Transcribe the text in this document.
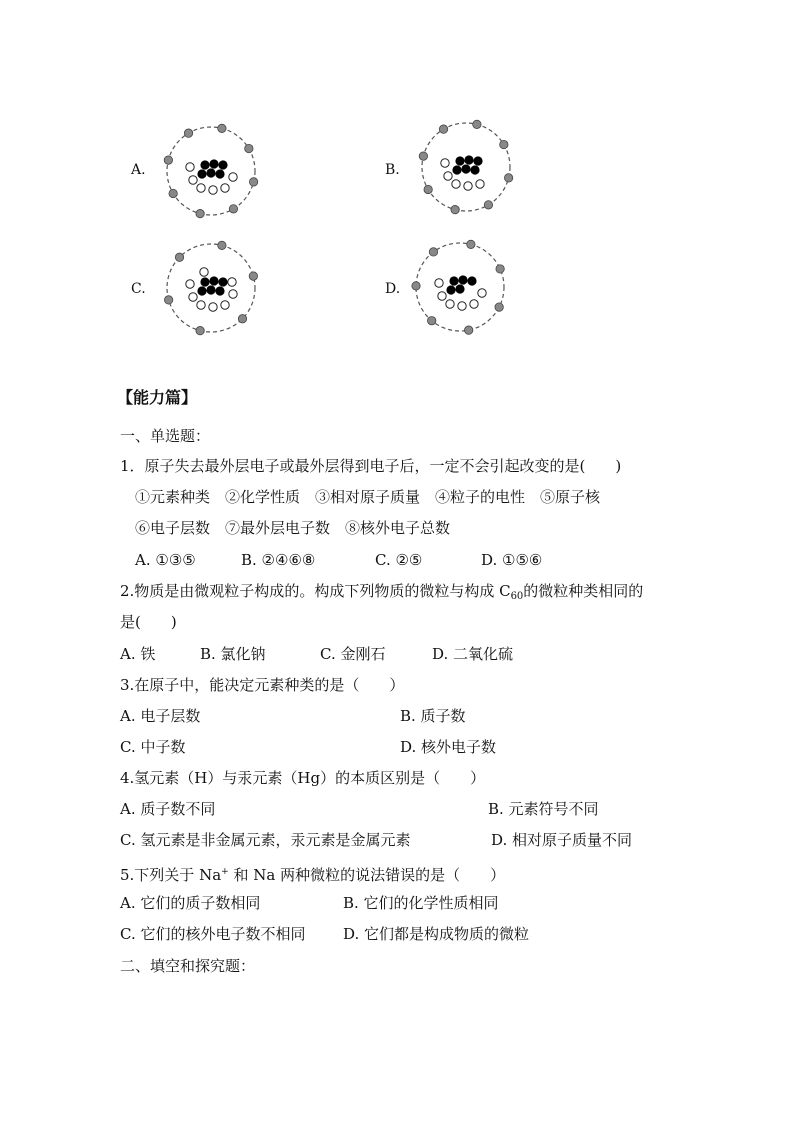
A.	B.
C.	D.
【能力篇】
一、单选题：
1．原子失去最外层电子或最外层得到电子后，一定不会引起改变的是(　　)
①元素种类　②化学性质　③相对原子质量　④粒子的电性　⑤原子核
⑥电子层数　⑦最外层电子数　⑧核外电子总数
A. ①③⑤	B. ②④⑥⑧	C. ②⑤	D. ①⑤⑥
2.物质是由微观粒子构成的。构成下列物质的微粒与构成 $C_{60}$的微粒种类相同的
是(　　)
A. 铁	B. 氯化钠	C. 金刚石	D. 二氧化硫
3.在原子中，能决定元素种类的是（　　）
A. 电子层数	B. 质子数
C. 中子数	D. 核外电子数
4.氢元素（H）与汞元素（Hg）的本质区别是（　　）
A. 质子数不同	B. 元素符号不同
C. 氢元素是非金属元素，汞元素是金属元素	D. 相对原子质量不同
5.下列关于 Na+ 和 Na 两种微粒的说法错误的是（　　）
A. 它们的质子数相同	B. 它们的化学性质相同
C. 它们的核外电子数不相同	D. 它们都是构成物质的微粒
二、填空和探究题：
